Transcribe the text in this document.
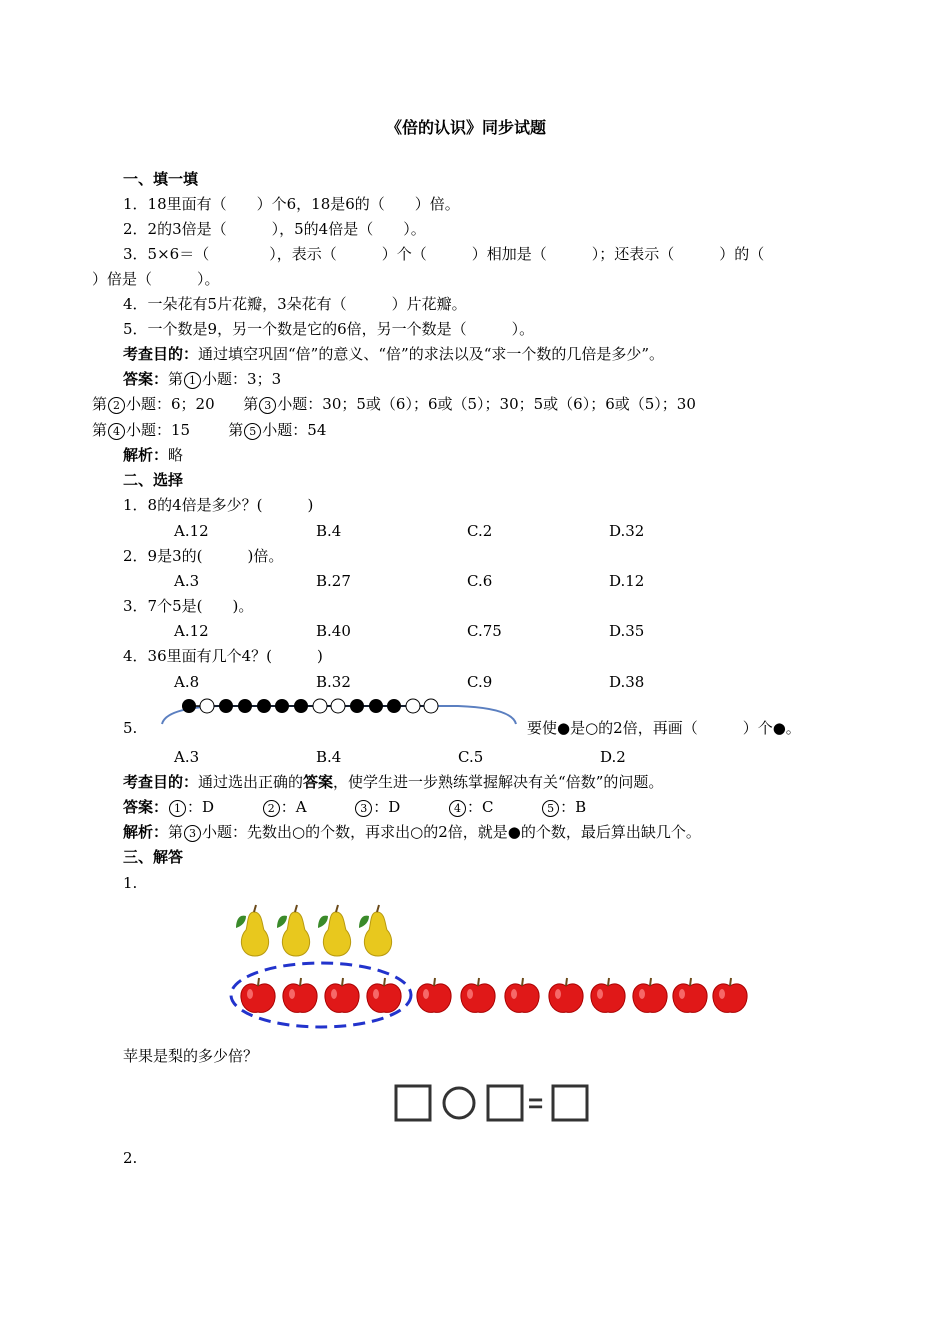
《倍的认识》同步试题
一、填一填
1．18里面有（　　）个6，18是6的（　　）倍。
2．2的3倍是（　　　），5的4倍是（　　）。
3．5×6＝（　　　　），表示（　　　）个（　　　）相加是（　　　）；还表示（　　　）的（
）倍是（　　　）。
4．一朵花有5片花瓣，3朵花有（　　　）片花瓣。
5．一个数是9，另一个数是它的6倍，另一个数是（　　　）。
考查目的：通过填空巩固“倍”的意义、“倍”的求法以及“求一个数的几倍是多少”。
答案：第 1 小题：3；3
第 2 小题：6；20 第 3 小题：30；5或（6）；6或（5）；30；5或（6）；6或（5）；30
第 4 小题：15	第 5 小题：54
解析：略
二、选择
1．8的4倍是多少？(　　　)
A.12	B.4	C.2	D.32
2．9是3的(　　　)倍。
A.3	B.27	C.6	D.12
3．7个5是(　　)。
A.12	B.40	C.75	D.35
4．36里面有几个4？(　　　)
A.8	B.32	C.9	D.38
5.	要使●是○的2倍，再画（　　　）个●。
A.3	B.4	C.5	D.2
考查目的：通过选出正确的答案，使学生进一步熟练掌握解决有关“倍数”的问题。
答案： 1 ：D	2 ：A	3 ：D	4 ：C	5 ：B
解析：第 3 小题：先数出○的个数，再求出○的2倍，就是●的个数，最后算出缺几个。
三、解答
1.
苹果是梨的多少倍？
=
2.
